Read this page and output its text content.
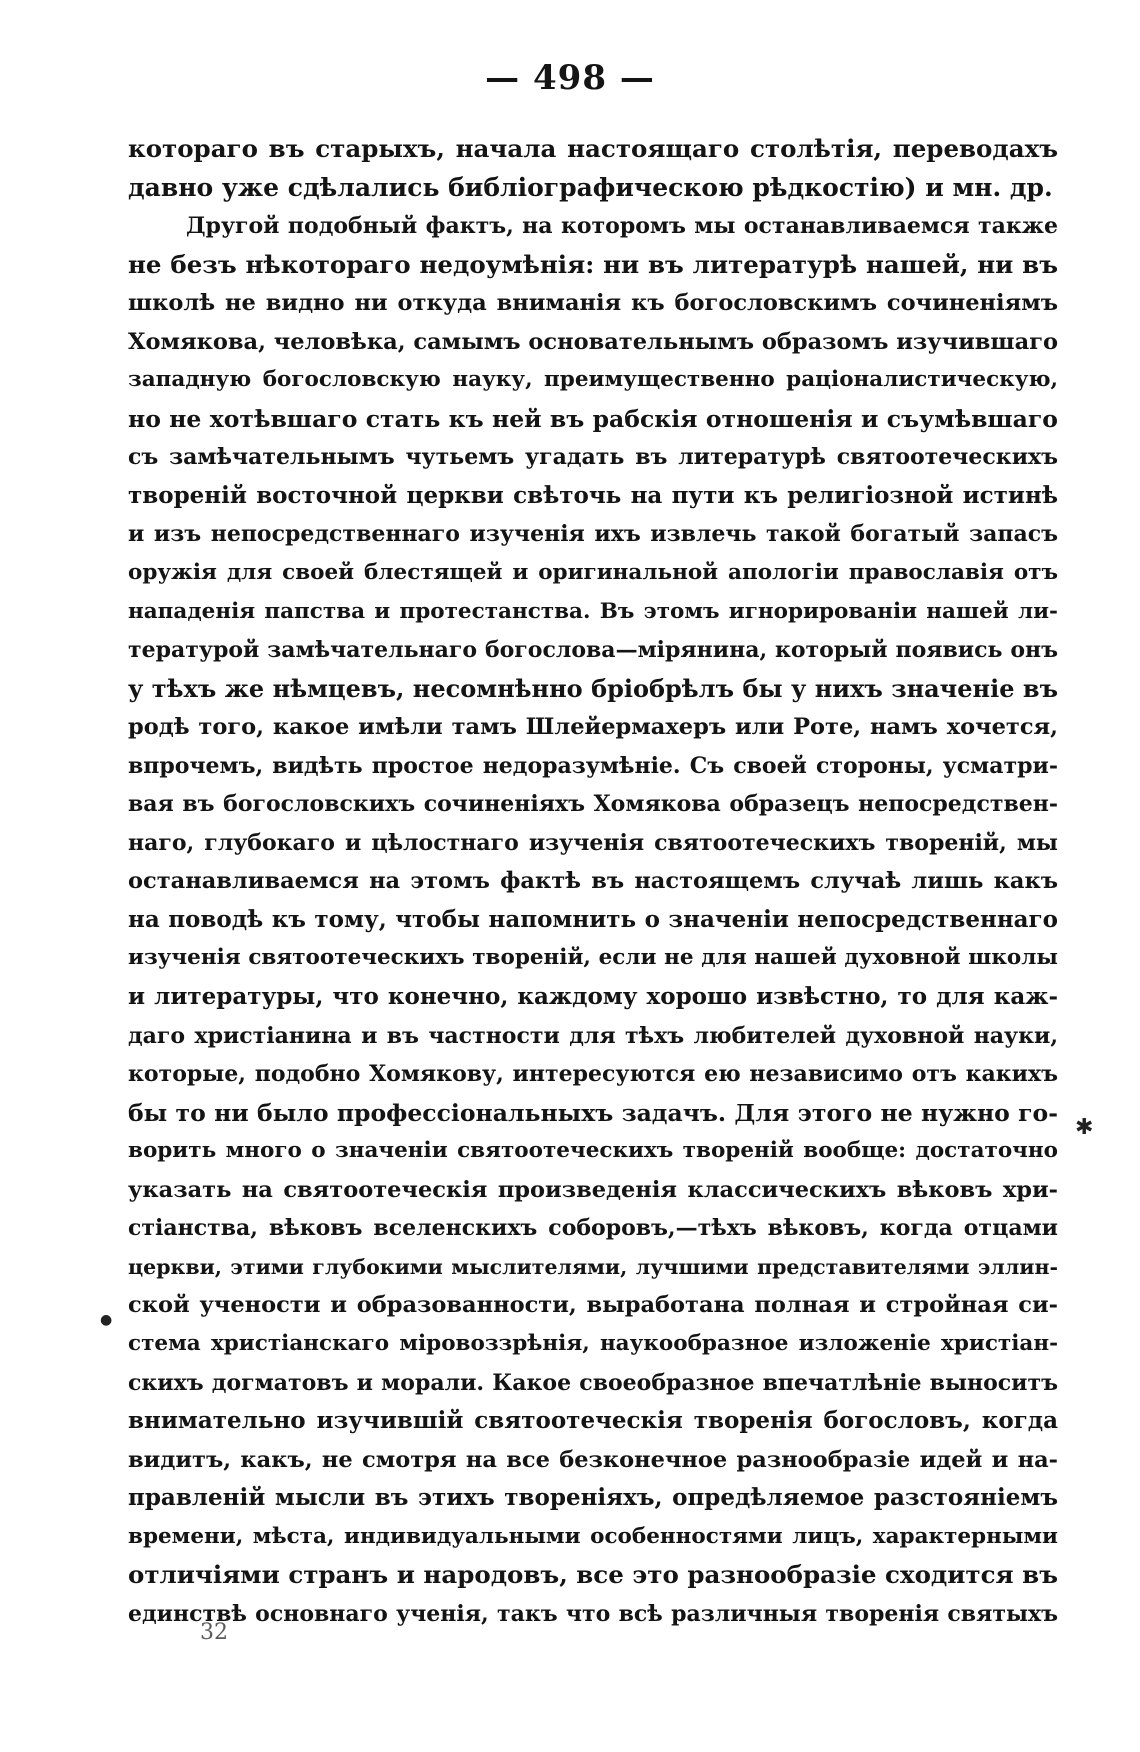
— 498 —
котораго въ старыхъ, начала настоящаго столѣтія, переводахъ
давно уже сдѣлались библіографическою рѣдкостію) и мн. др.
Другой подобный фактъ, на которомъ мы останавливаемся также
не безъ нѣкотораго недоумѣнія: ни въ литературѣ нашей, ни въ
школѣ не видно ни откуда вниманія къ богословскимъ сочиненіямъ
Хомякова, человѣка, самымъ основательнымъ образомъ изучившаго
западную богословскую науку, преимущественно раціоналистическую,
но не хотѣвшаго стать къ ней въ рабскія отношенія и съумѣвшаго
съ замѣчательнымъ чутьемъ угадать въ литературѣ святоотеческихъ
твореній восточной церкви свѣточь на пути къ религіозной истинѣ
и изъ непосредственнаго изученія ихъ извлечь такой богатый запасъ
оружія для своей блестящей и оригинальной апологіи православія отъ
нападенія папства и протестанства. Въ этомъ игнорированіи нашей ли-
тературой замѣчательнаго богослова—мірянина, который появись онъ
у тѣхъ же нѣмцевъ, несомнѣнно бріобрѣлъ бы у нихъ значеніе въ
родѣ того, какое имѣли тамъ Шлейермахеръ или Роте, намъ хочется,
впрочемъ, видѣть простое недоразумѣніе. Съ своей стороны, усматри-
вая въ богословскихъ сочиненіяхъ Хомякова образецъ непосредствен-
наго, глубокаго и цѣлостнаго изученія святоотеческихъ твореній, мы
останавливаемся на этомъ фактѣ въ настоящемъ случаѣ лишь какъ
на поводѣ къ тому, чтобы напомнить о значеніи непосредственнаго
изученія святоотеческихъ твореній, если не для нашей духовной школы
и литературы, что конечно, каждому хорошо извѣстно, то для каж-
даго христіанина и въ частности для тѣхъ любителей духовной науки,
которые, подобно Хомякову, интересуются ею независимо отъ какихъ
бы то ни было профессіональныхъ задачъ. Для этого не нужно го-
ворить много о значеніи святоотеческихъ твореній вообще: достаточно
указать на святоотеческія произведенія классическихъ вѣковъ хри-
стіанства, вѣковъ вселенскихъ соборовъ,—тѣхъ вѣковъ, когда отцами
церкви, этими глубокими мыслителями, лучшими представителями эллин-
ской учености и образованности, выработана полная и стройная си-
стема христіанскаго міровоззрѣнія, наукообразное изложеніе христіан-
скихъ догматовъ и морали. Какое своеобразное впечатлѣніе выноситъ
внимательно изучившій святоотеческія творенія богословъ, когда
видитъ, какъ, не смотря на все безконечное разнообразіе идей и на-
правленій мысли въ этихъ твореніяхъ, опредѣляемое разстояніемъ
времени, мѣста, индивидуальными особенностями лицъ, характерными
отличіями странъ и народовъ, все это разнообразіе сходится въ
единствѣ основнаго ученія, такъ что всѣ различныя творенія святыхъ
32
✱
●
